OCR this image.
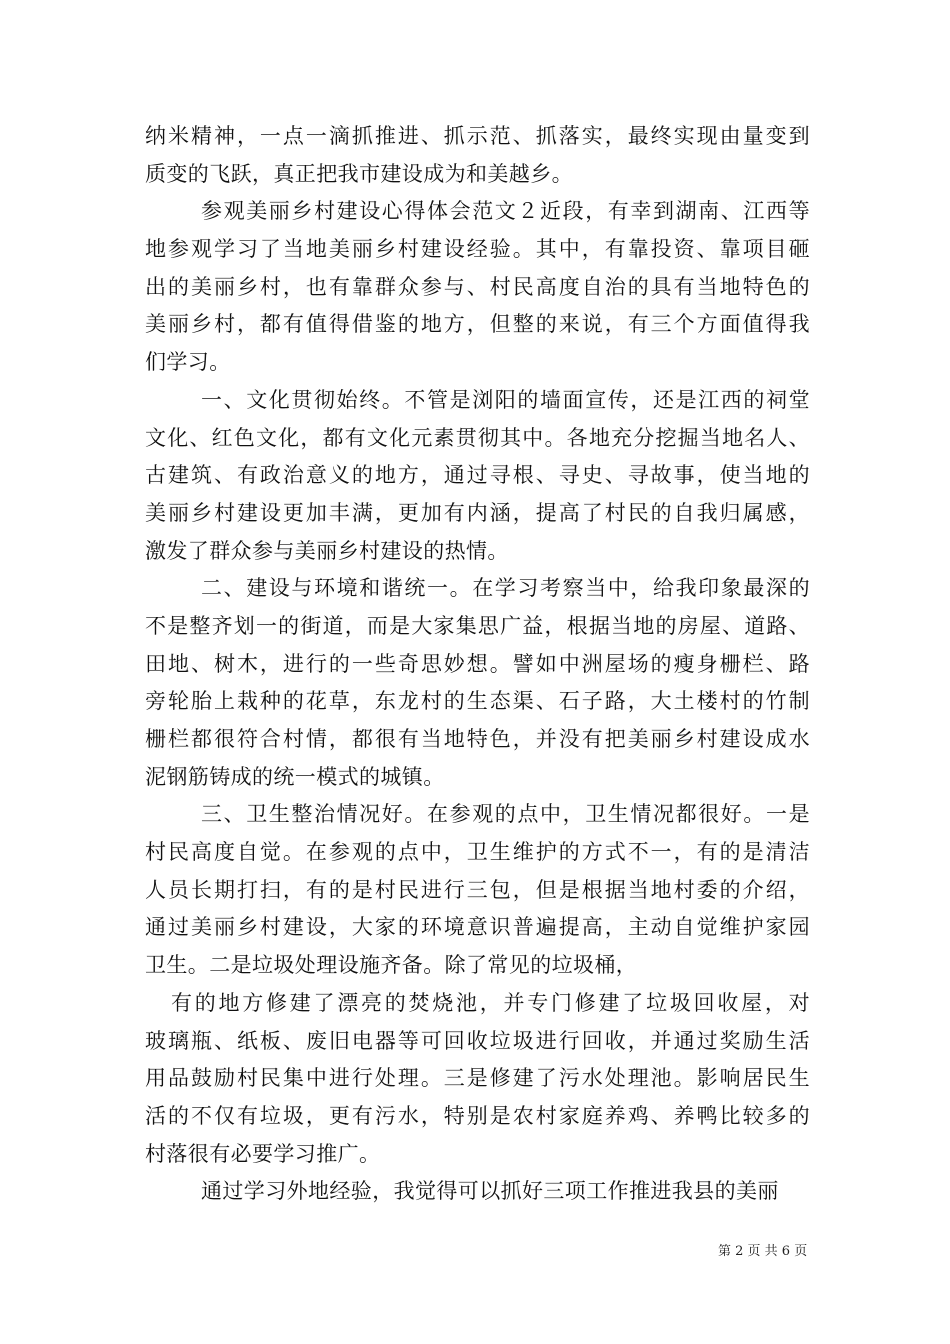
纳米精神，一点一滴抓推进、抓示范、抓落实，最终实现由量变到
质变的飞跃，真正把我市建设成为和美越乡。
参观美丽乡村建设心得体会范文２近段，有幸到湖南、江西等
地参观学习了当地美丽乡村建设经验。其中，有靠投资、靠项目砸
出的美丽乡村，也有靠群众参与、村民高度自治的具有当地特色的
美丽乡村，都有值得借鉴的地方，但整的来说，有三个方面值得我
们学习。
一、文化贯彻始终。不管是浏阳的墙面宣传，还是江西的祠堂
文化、红色文化，都有文化元素贯彻其中。各地充分挖掘当地名人、
古建筑、有政治意义的地方，通过寻根、寻史、寻故事，使当地的
美丽乡村建设更加丰满，更加有内涵，提高了村民的自我归属感，
激发了群众参与美丽乡村建设的热情。
二、建设与环境和谐统一。在学习考察当中，给我印象最深的
不是整齐划一的街道，而是大家集思广益，根据当地的房屋、道路、
田地、树木，进行的一些奇思妙想。譬如中洲屋场的瘦身栅栏、路
旁轮胎上栽种的花草，东龙村的生态渠、石子路，大土楼村的竹制
栅栏都很符合村情，都很有当地特色，并没有把美丽乡村建设成水
泥钢筋铸成的统一模式的城镇。
三、卫生整治情况好。在参观的点中，卫生情况都很好。一是
村民高度自觉。在参观的点中，卫生维护的方式不一，有的是清洁
人员长期打扫，有的是村民进行三包，但是根据当地村委的介绍，
通过美丽乡村建设，大家的环境意识普遍提高，主动自觉维护家园
卫生。二是垃圾处理设施齐备。除了常见的垃圾桶，
有的地方修建了漂亮的焚烧池，并专门修建了垃圾回收屋，对
玻璃瓶、纸板、废旧电器等可回收垃圾进行回收，并通过奖励生活
用品鼓励村民集中进行处理。三是修建了污水处理池。影响居民生
活的不仅有垃圾，更有污水，特别是农村家庭养鸡、养鸭比较多的
村落很有必要学习推广。
通过学习外地经验，我觉得可以抓好三项工作推进我县的美丽
第 2 页 共 6 页
